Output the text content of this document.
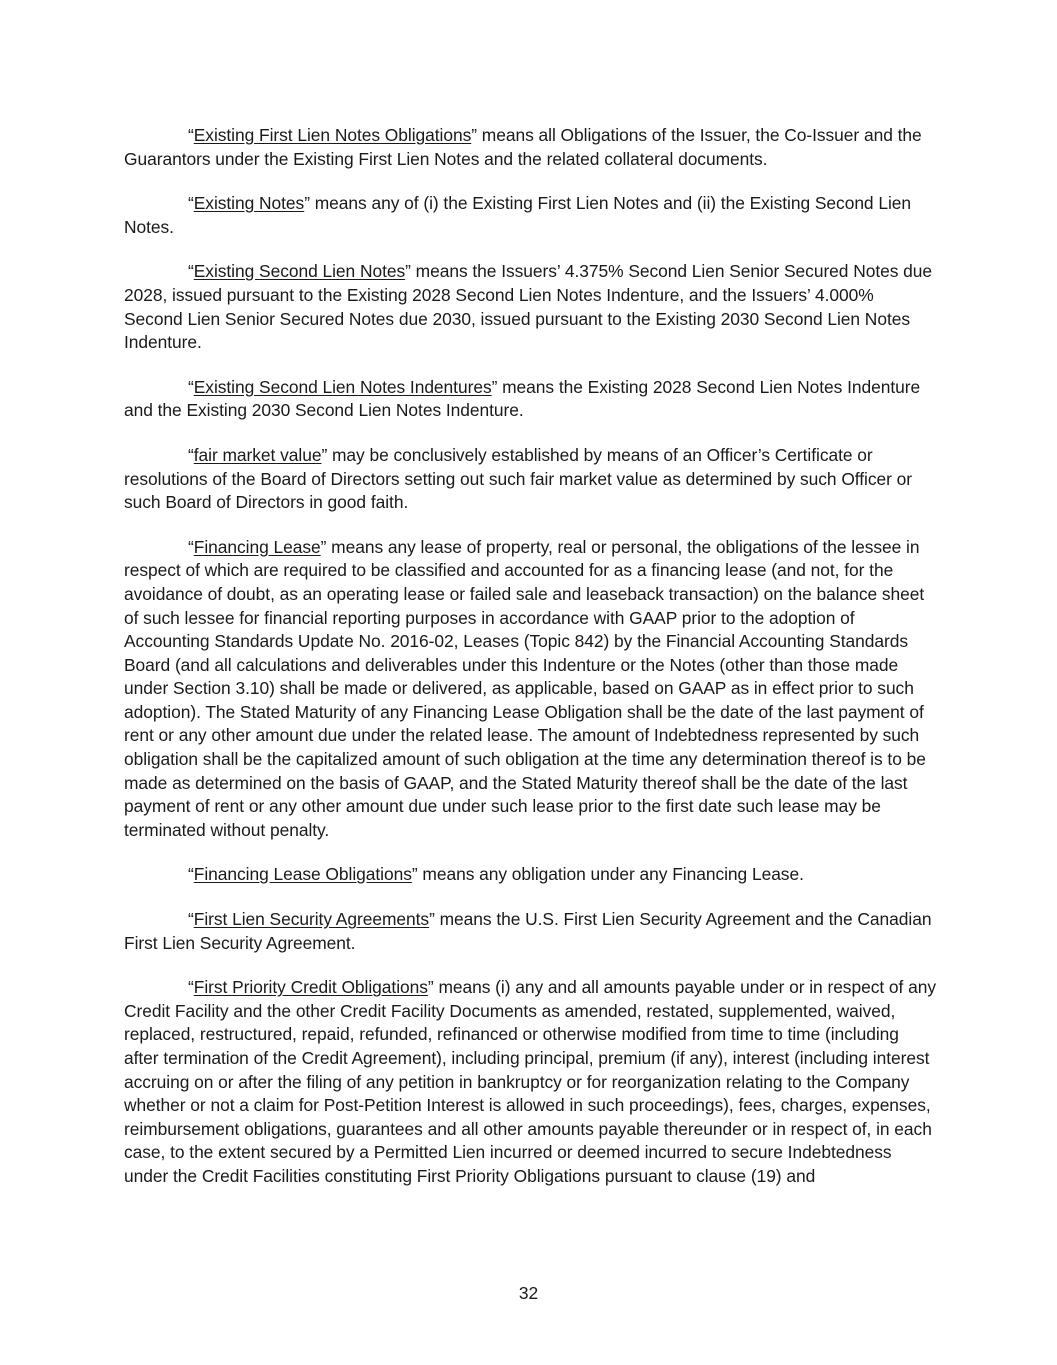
“Existing First Lien Notes Obligations” means all Obligations of the Issuer, the Co-Issuer and the Guarantors under the Existing First Lien Notes and the related collateral documents.

“Existing Notes” means any of (i) the Existing First Lien Notes and (ii) the Existing Second Lien Notes.

“Existing Second Lien Notes” means the Issuers’ 4.375% Second Lien Senior Secured Notes due 2028, issued pursuant to the Existing 2028 Second Lien Notes Indenture, and the Issuers’ 4.000% Second Lien Senior Secured Notes due 2030, issued pursuant to the Existing 2030 Second Lien Notes Indenture.

“Existing Second Lien Notes Indentures” means the Existing 2028 Second Lien Notes Indenture and the Existing 2030 Second Lien Notes Indenture.

“fair market value” may be conclusively established by means of an Officer’s Certificate or resolutions of the Board of Directors setting out such fair market value as determined by such Officer or such Board of Directors in good faith.

“Financing Lease” means any lease of property, real or personal, the obligations of the lessee in respect of which are required to be classified and accounted for as a financing lease (and not, for the avoidance of doubt, as an operating lease or failed sale and leaseback transaction) on the balance sheet of such lessee for financial reporting purposes in accordance with GAAP prior to the adoption of Accounting Standards Update No. 2016-02, Leases (Topic 842) by the Financial Accounting Standards Board (and all calculations and deliverables under this Indenture or the Notes (other than those made under Section 3.10) shall be made or delivered, as applicable, based on GAAP as in effect prior to such adoption). The Stated Maturity of any Financing Lease Obligation shall be the date of the last payment of rent or any other amount due under the related lease. The amount of Indebtedness represented by such obligation shall be the capitalized amount of such obligation at the time any determination thereof is to be made as determined on the basis of GAAP, and the Stated Maturity thereof shall be the date of the last payment of rent or any other amount due under such lease prior to the first date such lease may be terminated without penalty.

“Financing Lease Obligations” means any obligation under any Financing Lease.

“First Lien Security Agreements” means the U.S. First Lien Security Agreement and the Canadian First Lien Security Agreement.

“First Priority Credit Obligations” means (i) any and all amounts payable under or in respect of any Credit Facility and the other Credit Facility Documents as amended, restated, supplemented, waived, replaced, restructured, repaid, refunded, refinanced or otherwise modified from time to time (including after termination of the Credit Agreement), including principal, premium (if any), interest (including interest accruing on or after the filing of any petition in bankruptcy or for reorganization relating to the Company whether or not a claim for Post-Petition Interest is allowed in such proceedings), fees, charges, expenses, reimbursement obligations, guarantees and all other amounts payable thereunder or in respect of, in each case, to the extent secured by a Permitted Lien incurred or deemed incurred to secure Indebtedness under the Credit Facilities constituting First Priority Obligations pursuant to clause (19) and

32
